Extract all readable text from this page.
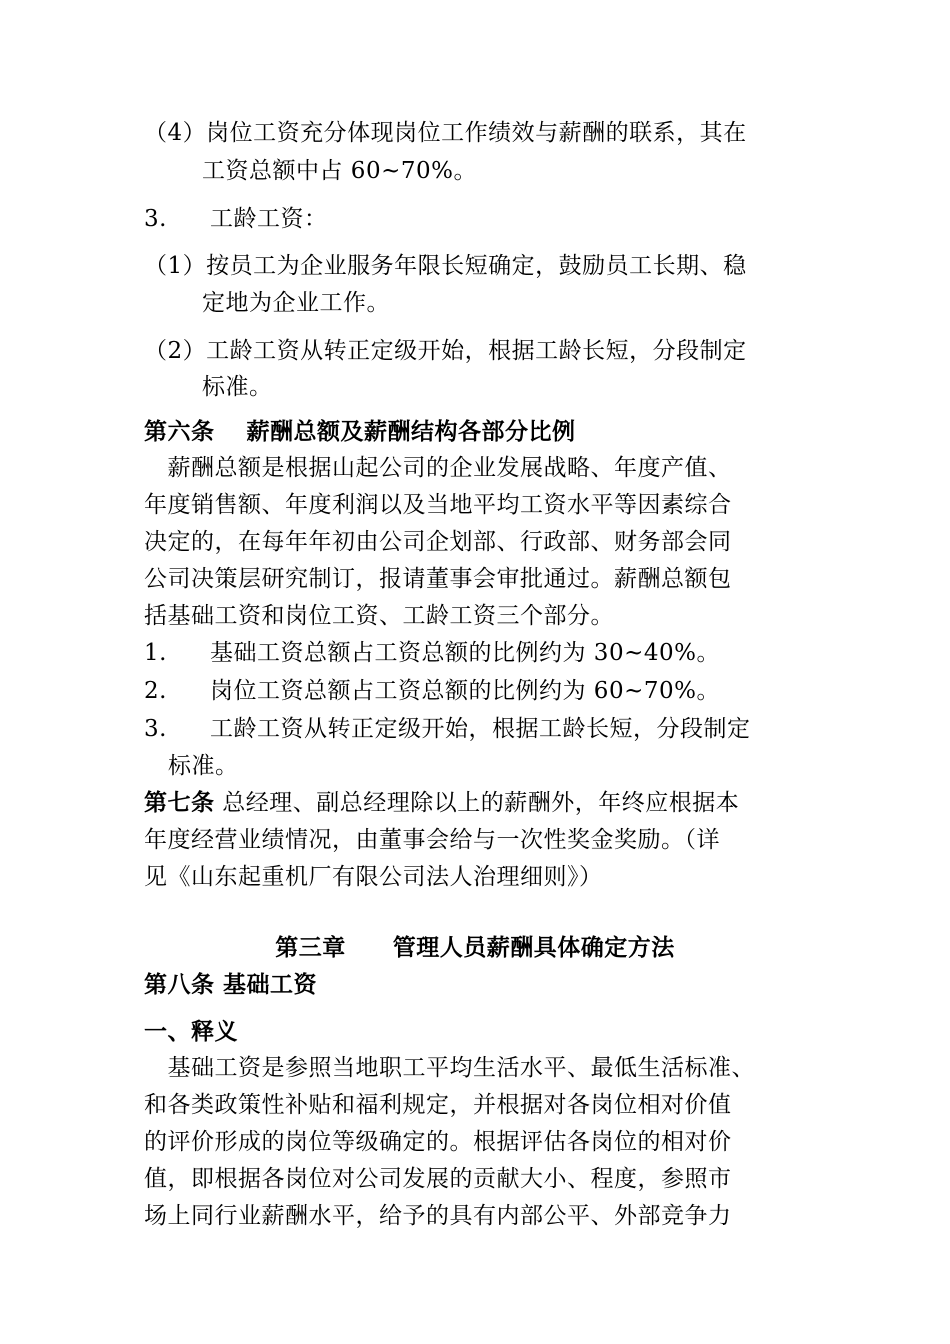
（4）岗位工资充分体现岗位工作绩效与薪酬的联系，其在
工资总额中占 60~70%。
3. 工龄工资：
（1）按员工为企业服务年限长短确定，鼓励员工长期、稳
定地为企业工作。
（2）工龄工资从转正定级开始，根据工龄长短，分段制定
标准。
第六条　 薪酬总额及薪酬结构各部分比例
　薪酬总额是根据山起公司的企业发展战略、年度产值、
年度销售额、年度利润以及当地平均工资水平等因素综合
决定的，在每年年初由公司企划部、行政部、财务部会同
公司决策层研究制订，报请董事会审批通过。薪酬总额包
括基础工资和岗位工资、工龄工资三个部分。
1. 基础工资总额占工资总额的比例约为 30~40%。
2. 岗位工资总额占工资总额的比例约为 60~70%。
3. 工龄工资从转正定级开始，根据工龄长短，分段制定
标准。
第七条 总经理、副总经理除以上的薪酬外，年终应根据本
年度经营业绩情况，由董事会给与一次性奖金奖励。（详
见《山东起重机厂有限公司法人治理细则》）
第三章　　管理人员薪酬具体确定方法
第八条 基础工资
一、释义
　基础工资是参照当地职工平均生活水平、最低生活标准、
和各类政策性补贴和福利规定，并根据对各岗位相对价值
的评价形成的岗位等级确定的。根据评估各岗位的相对价
值，即根据各岗位对公司发展的贡献大小、程度，参照市
场上同行业薪酬水平，给予的具有内部公平、外部竞争力
